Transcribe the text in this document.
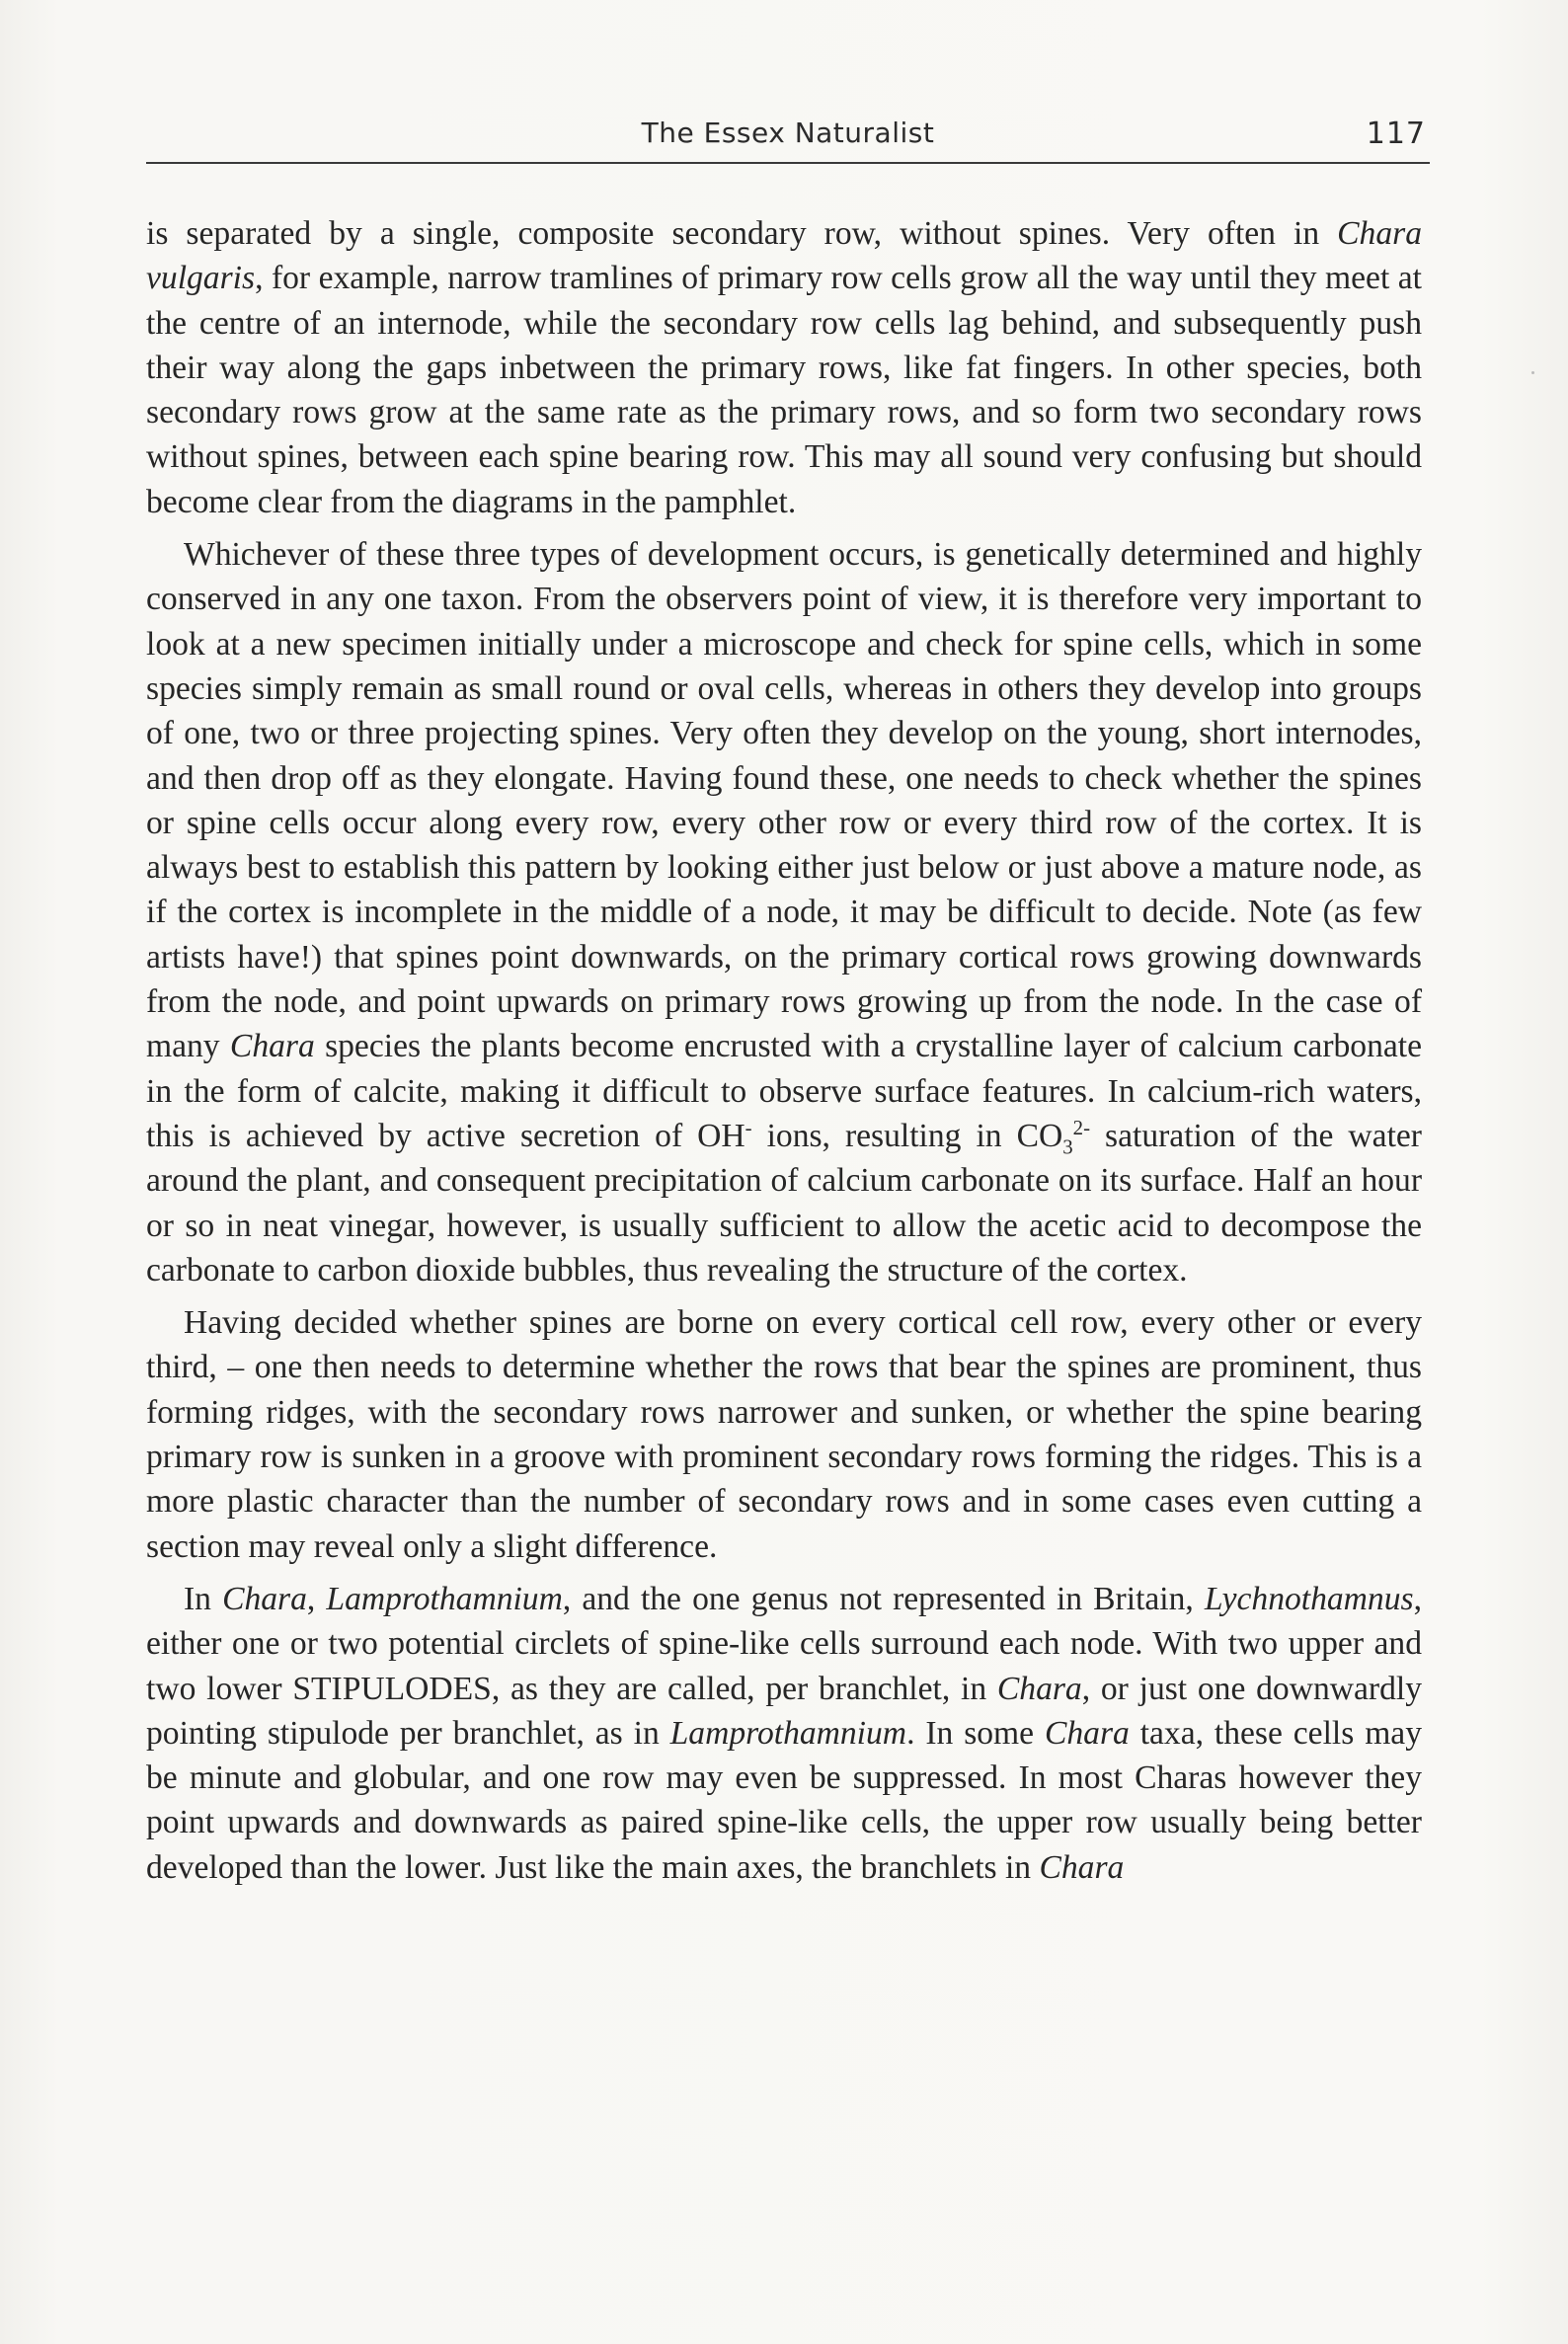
The Essex Naturalist	117

is separated by a single, composite secondary row, without spines. Very often in Chara vulgaris, for example, narrow tramlines of primary row cells grow all the way until they meet at the centre of an internode, while the secondary row cells lag behind, and subsequently push their way along the gaps inbetween the primary rows, like fat fingers. In other species, both secondary rows grow at the same rate as the primary rows, and so form two secondary rows without spines, between each spine bearing row. This may all sound very confusing but should become clear from the diagrams in the pamphlet.

Whichever of these three types of development occurs, is genetically determined and highly conserved in any one taxon. From the observers point of view, it is therefore very important to look at a new specimen initially under a microscope and check for spine cells, which in some species simply remain as small round or oval cells, whereas in others they develop into groups of one, two or three projecting spines. Very often they develop on the young, short internodes, and then drop off as they elongate. Having found these, one needs to check whether the spines or spine cells occur along every row, every other row or every third row of the cortex. It is always best to establish this pattern by looking either just below or just above a mature node, as if the cortex is incomplete in the middle of a node, it may be difficult to decide. Note (as few artists have!) that spines point downwards, on the primary cortical rows growing downwards from the node, and point upwards on primary rows growing up from the node. In the case of many Chara species the plants become encrusted with a crystalline layer of calcium carbonate in the form of calcite, making it difficult to observe surface features. In calcium-rich waters, this is achieved by active secretion of OH- ions, resulting in $CO_3^{2-}$ saturation of the water around the plant, and consequent precipitation of calcium carbonate on its surface. Half an hour or so in neat vinegar, however, is usually sufficient to allow the acetic acid to decompose the carbonate to carbon dioxide bubbles, thus revealing the structure of the cortex.

Having decided whether spines are borne on every cortical cell row, every other or every third, – one then needs to determine whether the rows that bear the spines are prominent, thus forming ridges, with the secondary rows narrower and sunken, or whether the spine bearing primary row is sunken in a groove with prominent secondary rows forming the ridges. This is a more plastic character than the number of secondary rows and in some cases even cutting a section may reveal only a slight difference.

In Chara, Lamprothamnium, and the one genus not represented in Britain, Lychnothamnus, either one or two potential circlets of spine-like cells surround each node. With two upper and two lower STIPULODES, as they are called, per branchlet, in Chara, or just one downwardly pointing stipulode per branchlet, as in Lamprothamnium. In some Chara taxa, these cells may be minute and globular, and one row may even be suppressed. In most Charas however they point upwards and downwards as paired spine-like cells, the upper row usually being better developed than the lower. Just like the main axes, the branchlets in Chara
